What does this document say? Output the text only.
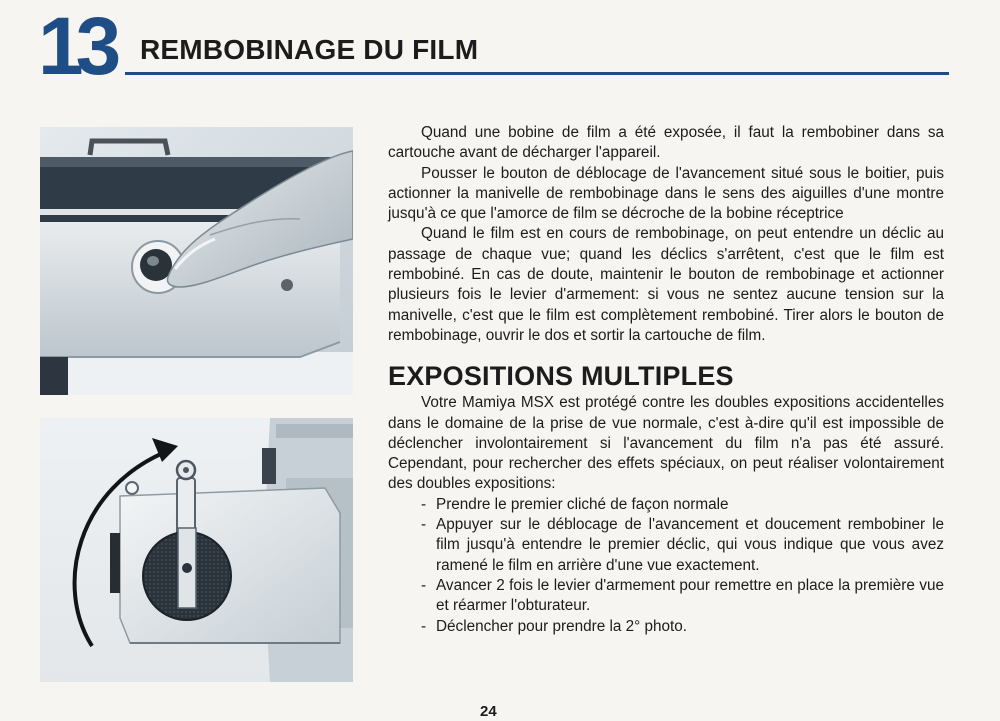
13 REMBOBINAGE DU FILM

Quand une bobine de film a été exposée, il faut la rembobiner dans sa cartouche avant de décharger l'appareil.

Pousser le bouton de déblocage de l'avancement situé sous le boitier, puis actionner la manivelle de rembobinage dans le sens des aiguilles d'une montre jusqu'à ce que l'amorce de film se décroche de la bobine réceptrice

Quand le film est en cours de rembobinage, on peut entendre un déclic au passage de chaque vue; quand les déclics s'arrêtent, c'est que le film est rembobiné. En cas de doute, maintenir le bouton de rembobinage et actionner plusieurs fois le levier d'armement: si vous ne sentez aucune tension sur la manivelle, c'est que le film est complètement rembobiné. Tirer alors le bouton de rembobinage, ouvrir le dos et sortir la cartouche de film.

EXPOSITIONS MULTIPLES

Votre Mamiya MSX est protégé contre les doubles expositions accidentelles dans le domaine de la prise de vue normale, c'est à-dire qu'il est impossible de déclencher involontairement si l'avancement du film n'a pas été assuré. Cependant, pour rechercher des effets spéciaux, on peut réaliser volontairement des doubles expositions:

- Prendre le premier cliché de façon normale
- Appuyer sur le déblocage de l'avancement et doucement rembobiner le film jusqu'à entendre le premier déclic, qui vous indique que vous avez ramené le film en arrière d'une vue exactement.
- Avancer 2 fois le levier d'armement pour remettre en place la première vue et réarmer l'obturateur.
- Déclencher pour prendre la 2° photo.
24
